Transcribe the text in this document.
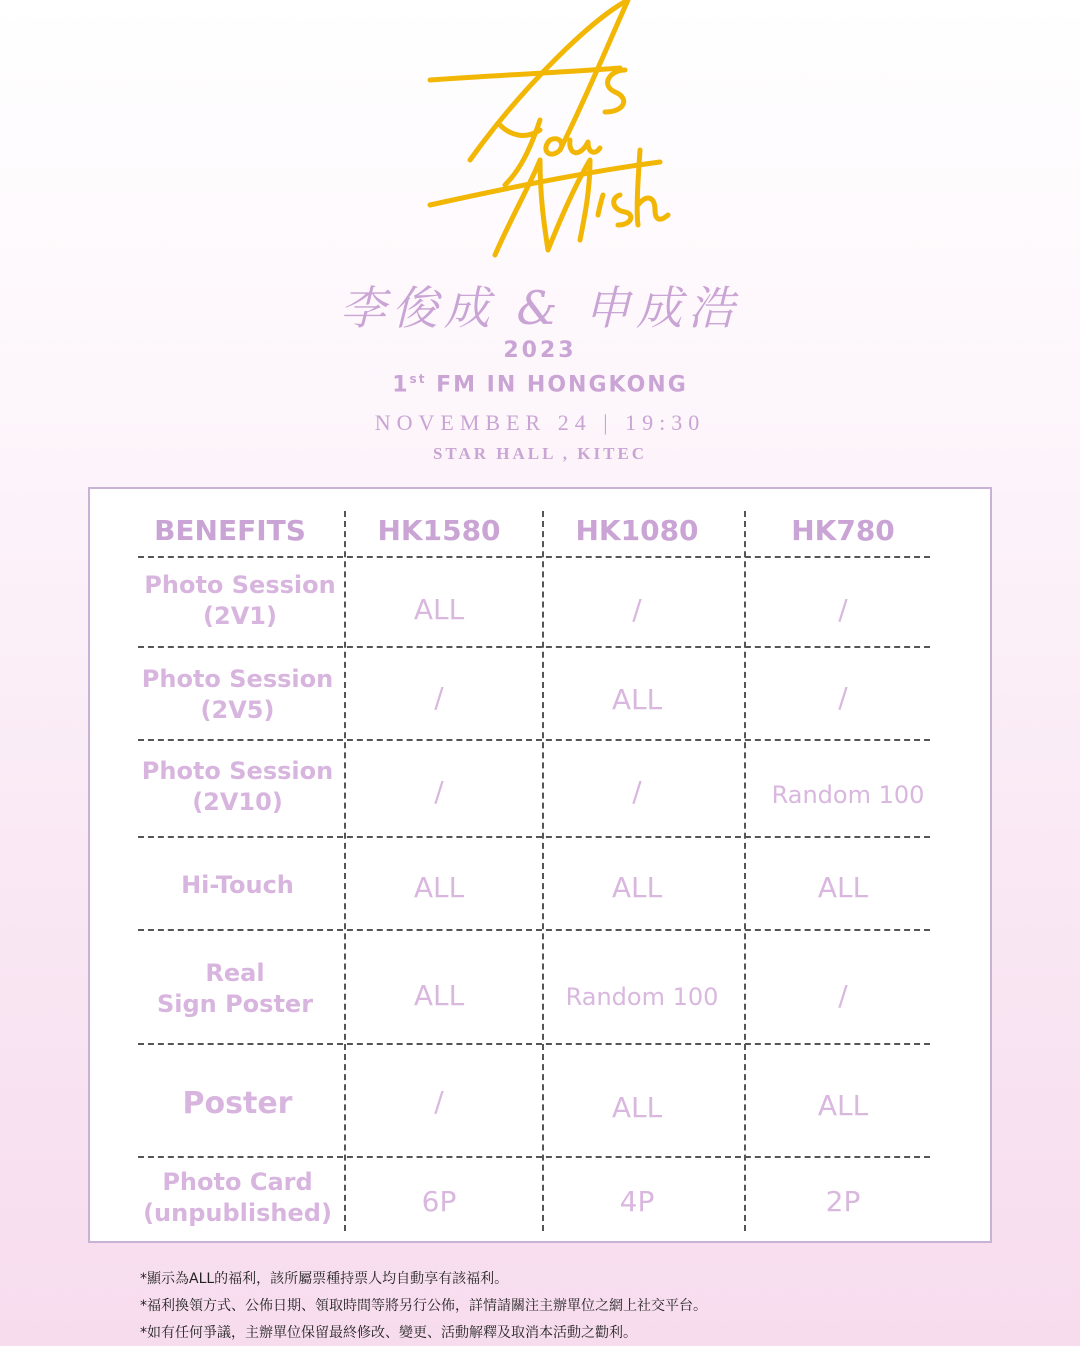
李俊成 & 申成浩
2023
1st FM IN HONGKONG
NOVEMBER 24 | 19:30
STAR HALL , KITEC
BENEFITS	HK1580	HK1080	HK780
Photo Session
(2V1)	ALL	/	/
Photo Session
(2V5)	/	ALL	/
Photo Session
(2V10)	/	/	Random 100
Hi-Touch	ALL	ALL	ALL
Real
Sign Poster	ALL	Random 100	/
Poster	/	ALL	ALL
Photo Card
(unpublished)	6P	4P	2P
*顯示為ALL的福利，該所屬票種持票人均自動享有該福利。
*福利換領方式、公佈日期、領取時間等將另行公佈，詳情請關注主辦單位之網上社交平台。
*如有任何爭議，主辦單位保留最終修改、變更、活動解釋及取消本活動之勸利。
